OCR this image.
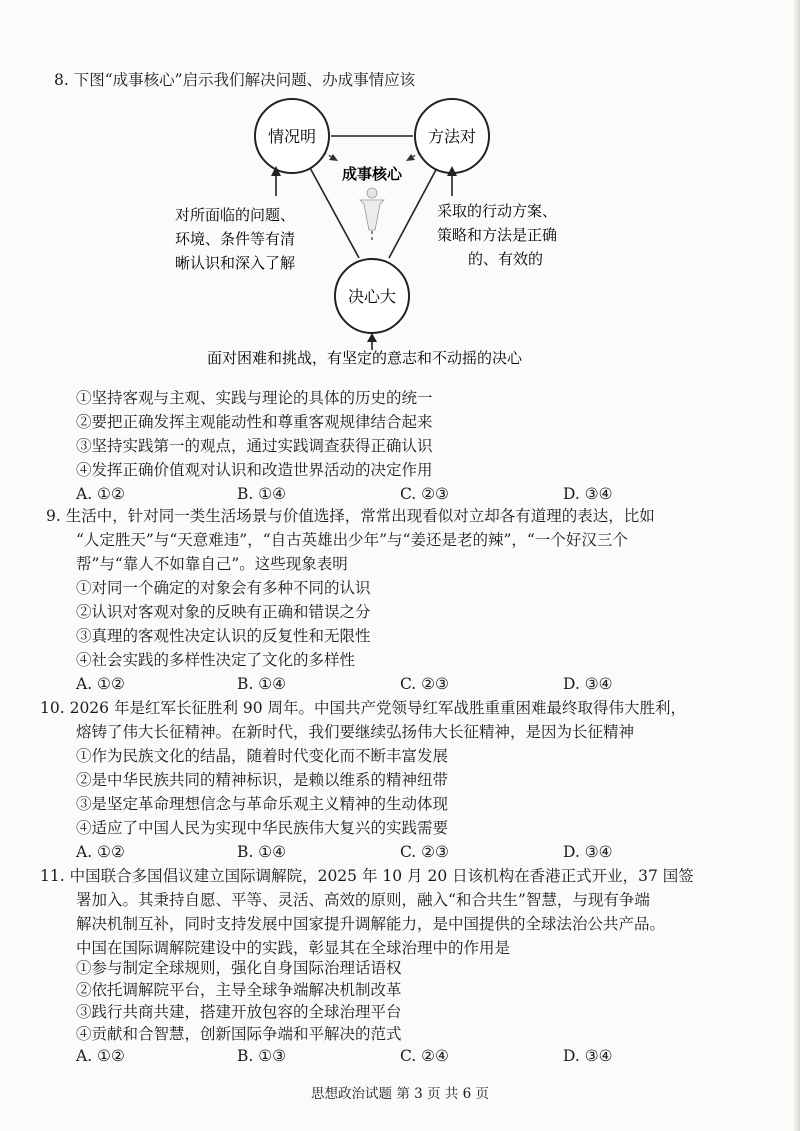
8. 下图“成事核心”启示我们解决问题、办成事情应该
情况明	方法对
决心大
成事核心
对所面临的问题、
环境、条件等有清
晰认识和深入了解
采取的行动方案、
策略和方法是正确
的、有效的
面对困难和挑战，有坚定的意志和不动摇的决心
①坚持客观与主观、实践与理论的具体的历史的统一
②要把正确发挥主观能动性和尊重客观规律结合起来
③坚持实践第一的观点，通过实践调查获得正确认识
④发挥正确价值观对认识和改造世界活动的决定作用
A. ①②	B. ①④	C. ②③	D. ③④
9. 生活中，针对同一类生活场景与价值选择，常常出现看似对立却各有道理的表达，比如
“人定胜天”与“天意难违”，“自古英雄出少年”与“姜还是老的辣”，“一个好汉三个
帮”与“靠人不如靠自己”。这些现象表明
①对同一个确定的对象会有多种不同的认识
②认识对客观对象的反映有正确和错误之分
③真理的客观性决定认识的反复性和无限性
④社会实践的多样性决定了文化的多样性
A. ①②	B. ①④	C. ②③	D. ③④
10. 2026 年是红军长征胜利 90 周年。中国共产党领导红军战胜重重困难最终取得伟大胜利，
熔铸了伟大长征精神。在新时代，我们要继续弘扬伟大长征精神，是因为长征精神
①作为民族文化的结晶，随着时代变化而不断丰富发展
②是中华民族共同的精神标识，是赖以维系的精神纽带
③是坚定革命理想信念与革命乐观主义精神的生动体现
④适应了中国人民为实现中华民族伟大复兴的实践需要
A. ①②	B. ①④	C. ②③	D. ③④
11. 中国联合多国倡议建立国际调解院，2025 年 10 月 20 日该机构在香港正式开业，37 国签
署加入。其秉持自愿、平等、灵活、高效的原则，融入“和合共生”智慧，与现有争端
解决机制互补，同时支持发展中国家提升调解能力，是中国提供的全球法治公共产品。
中国在国际调解院建设中的实践，彰显其在全球治理中的作用是
①参与制定全球规则，强化自身国际治理话语权
②依托调解院平台，主导全球争端解决机制改革
③践行共商共建，搭建开放包容的全球治理平台
④贡献和合智慧，创新国际争端和平解决的范式
思想政治试题 第 3 页 共 6 页
A. ①②	B. ①③	C. ②④	D. ③④
